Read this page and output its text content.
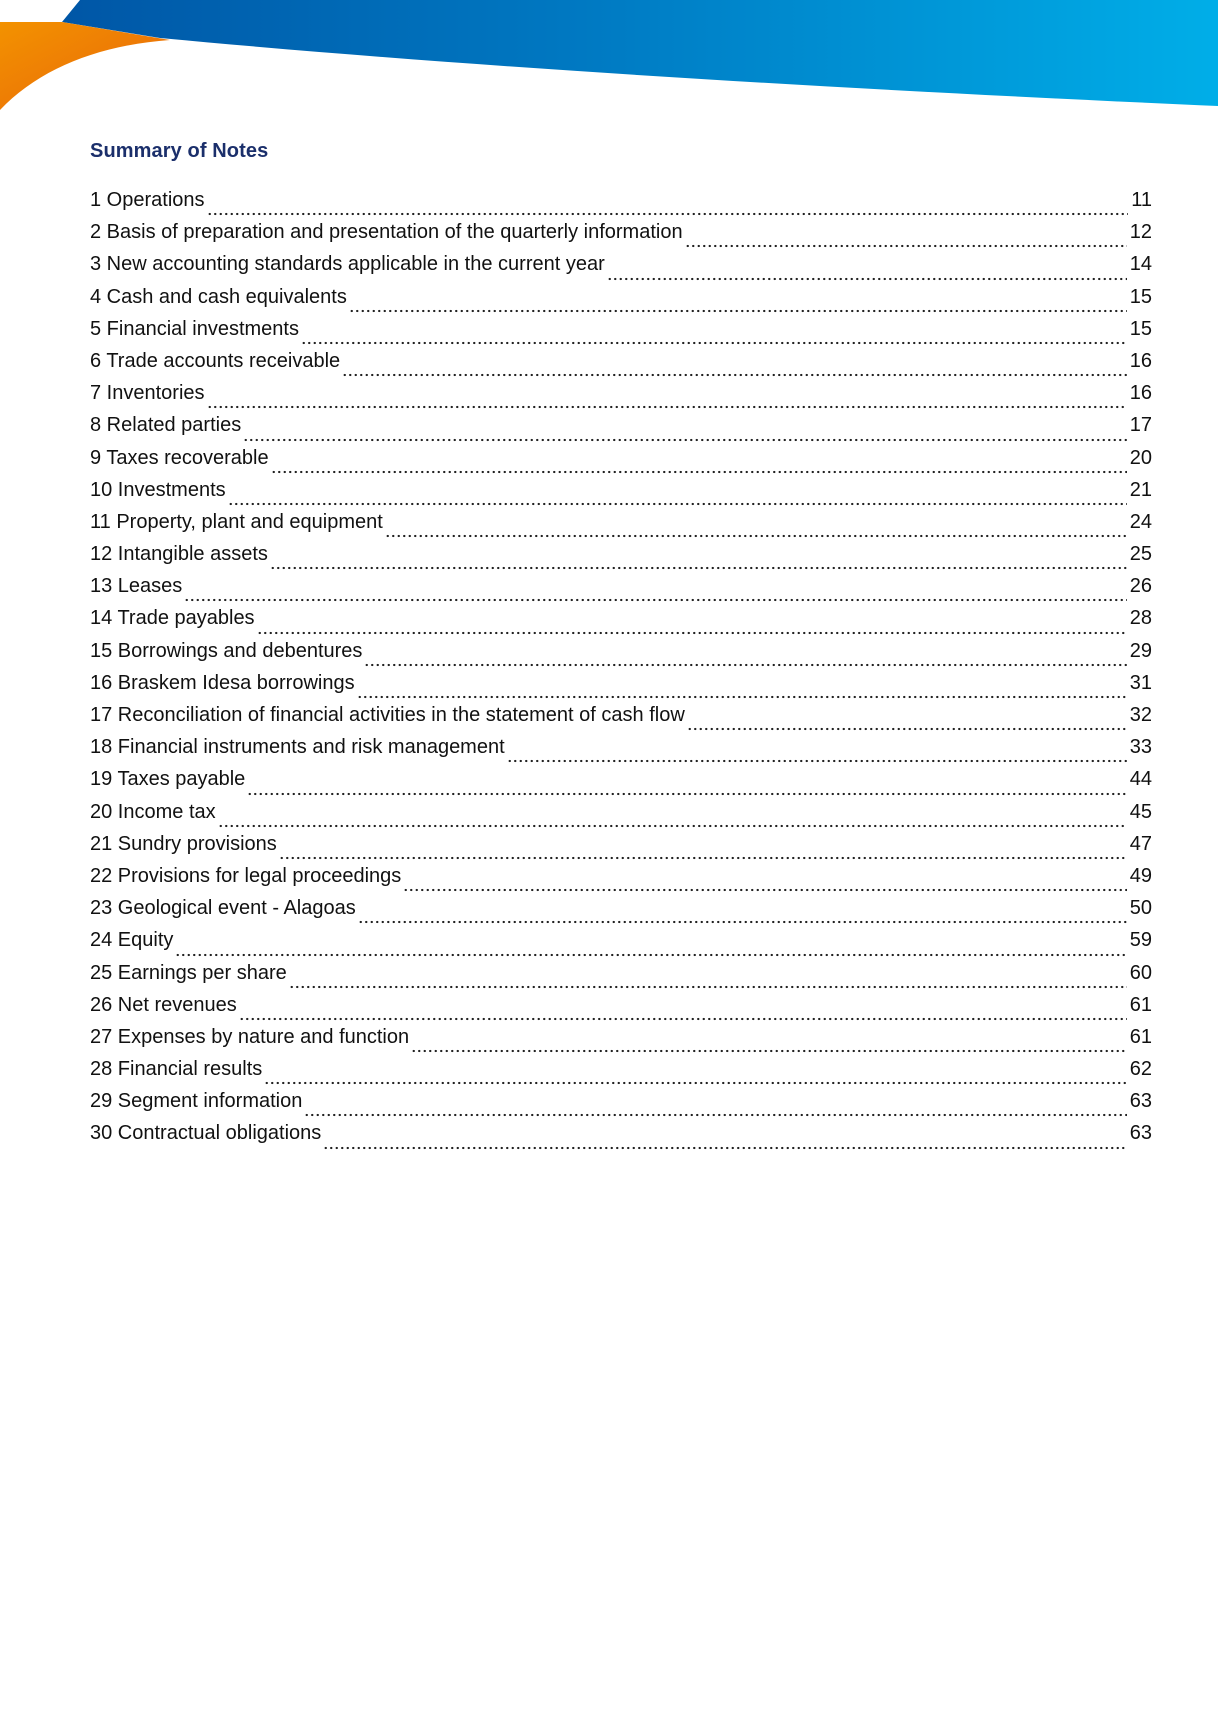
Summary of Notes
1 Operations	11
2 Basis of preparation and presentation of the quarterly information	12
3 New accounting standards applicable in the current year	14
4 Cash and cash equivalents	15
5 Financial investments	15
6 Trade accounts receivable	16
7 Inventories	16
8 Related parties	17
9 Taxes recoverable	20
10 Investments	21
11 Property, plant and equipment	24
12 Intangible assets	25
13 Leases	26
14 Trade payables	28
15 Borrowings and debentures	29
16 Braskem Idesa borrowings	31
17 Reconciliation of financial activities in the statement of cash flow	32
18 Financial instruments and risk management	33
19 Taxes payable	44
20 Income tax	45
21 Sundry provisions	47
22 Provisions for legal proceedings	49
23 Geological event - Alagoas	50
24 Equity	59
25 Earnings per share	60
26 Net revenues	61
27 Expenses by nature and function	61
28 Financial results	62
29 Segment information	63
30 Contractual obligations	63
